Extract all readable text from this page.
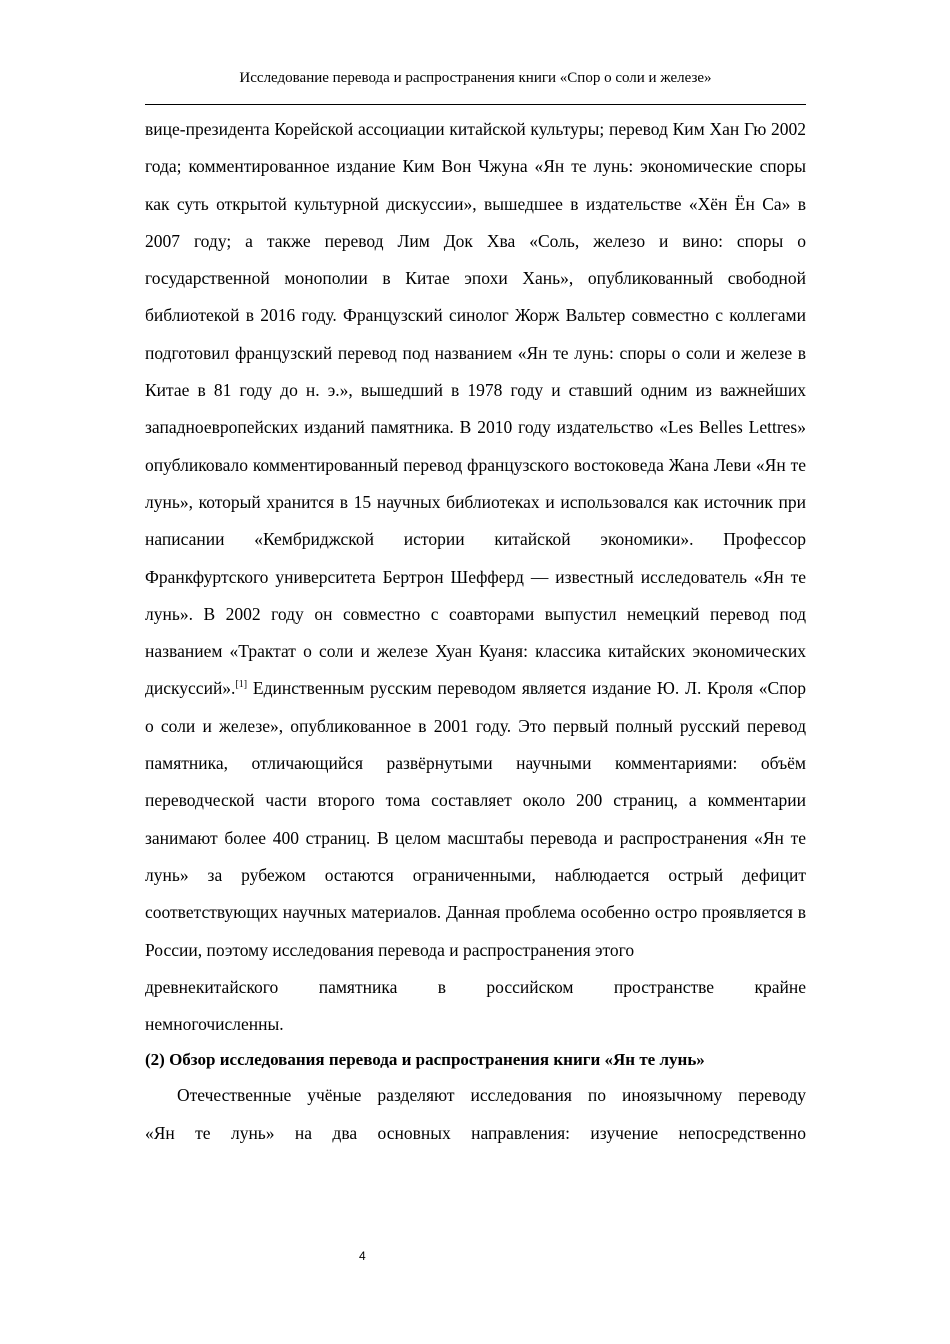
Исследование перевода и распространения книги «Спор о соли и железе»

вице-президента Корейской ассоциации китайской культуры; перевод Ким Хан Гю 2002 года; комментированное издание Ким Вон Чжуна «Ян те лунь: экономические споры как суть открытой культурной дискуссии», вышедшее в издательстве «Хён Ён Са» в 2007 году; а также перевод Лим Док Хва «Соль, железо и вино: споры о государственной монополии в Китае эпохи Хань», опубликованный свободной библиотекой в 2016 году. Французский синолог Жорж Вальтер совместно с коллегами подготовил французский перевод под названием «Ян те лунь: споры о соли и железе в Китае в 81 году до н. э.», вышедший в 1978 году и ставший одним из важнейших западноевропейских изданий памятника. В 2010 году издательство «Les Belles Lettres» опубликовало комментированный перевод французского востоковеда Жана Леви «Ян те лунь», который хранится в 15 научных библиотеках и использовался как источник при написании «Кембриджской истории китайской экономики». Профессор Франкфуртского университета Бертрон Шефферд — известный исследователь «Ян те лунь». В 2002 году он совместно с соавторами выпустил немецкий перевод под названием «Трактат о соли и железе Хуан Куаня: классика китайских экономических дискуссий».[1] Единственным русским переводом является издание Ю. Л. Кроля «Спор о соли и железе», опубликованное в 2001 году. Это первый полный русский перевод памятника, отличающийся развёрнутыми научными комментариями: объём переводческой части второго тома составляет около 200 страниц, а комментарии занимают более 400 страниц. В целом масштабы перевода и распространения «Ян те лунь» за рубежом остаются ограниченными, наблюдается острый дефицит соответствующих научных материалов. Данная проблема особенно остро проявляется в России, поэтому исследования перевода и распространения этого
древнекитайского памятника в российском пространстве крайне
немногочисленны.

(2) Обзор исследования перевода и распространения книги «Ян те лунь»

Отечественные учёные разделяют исследования по иноязычному переводу
«Ян те лунь» на два основных направления: изучение непосредственно

4
